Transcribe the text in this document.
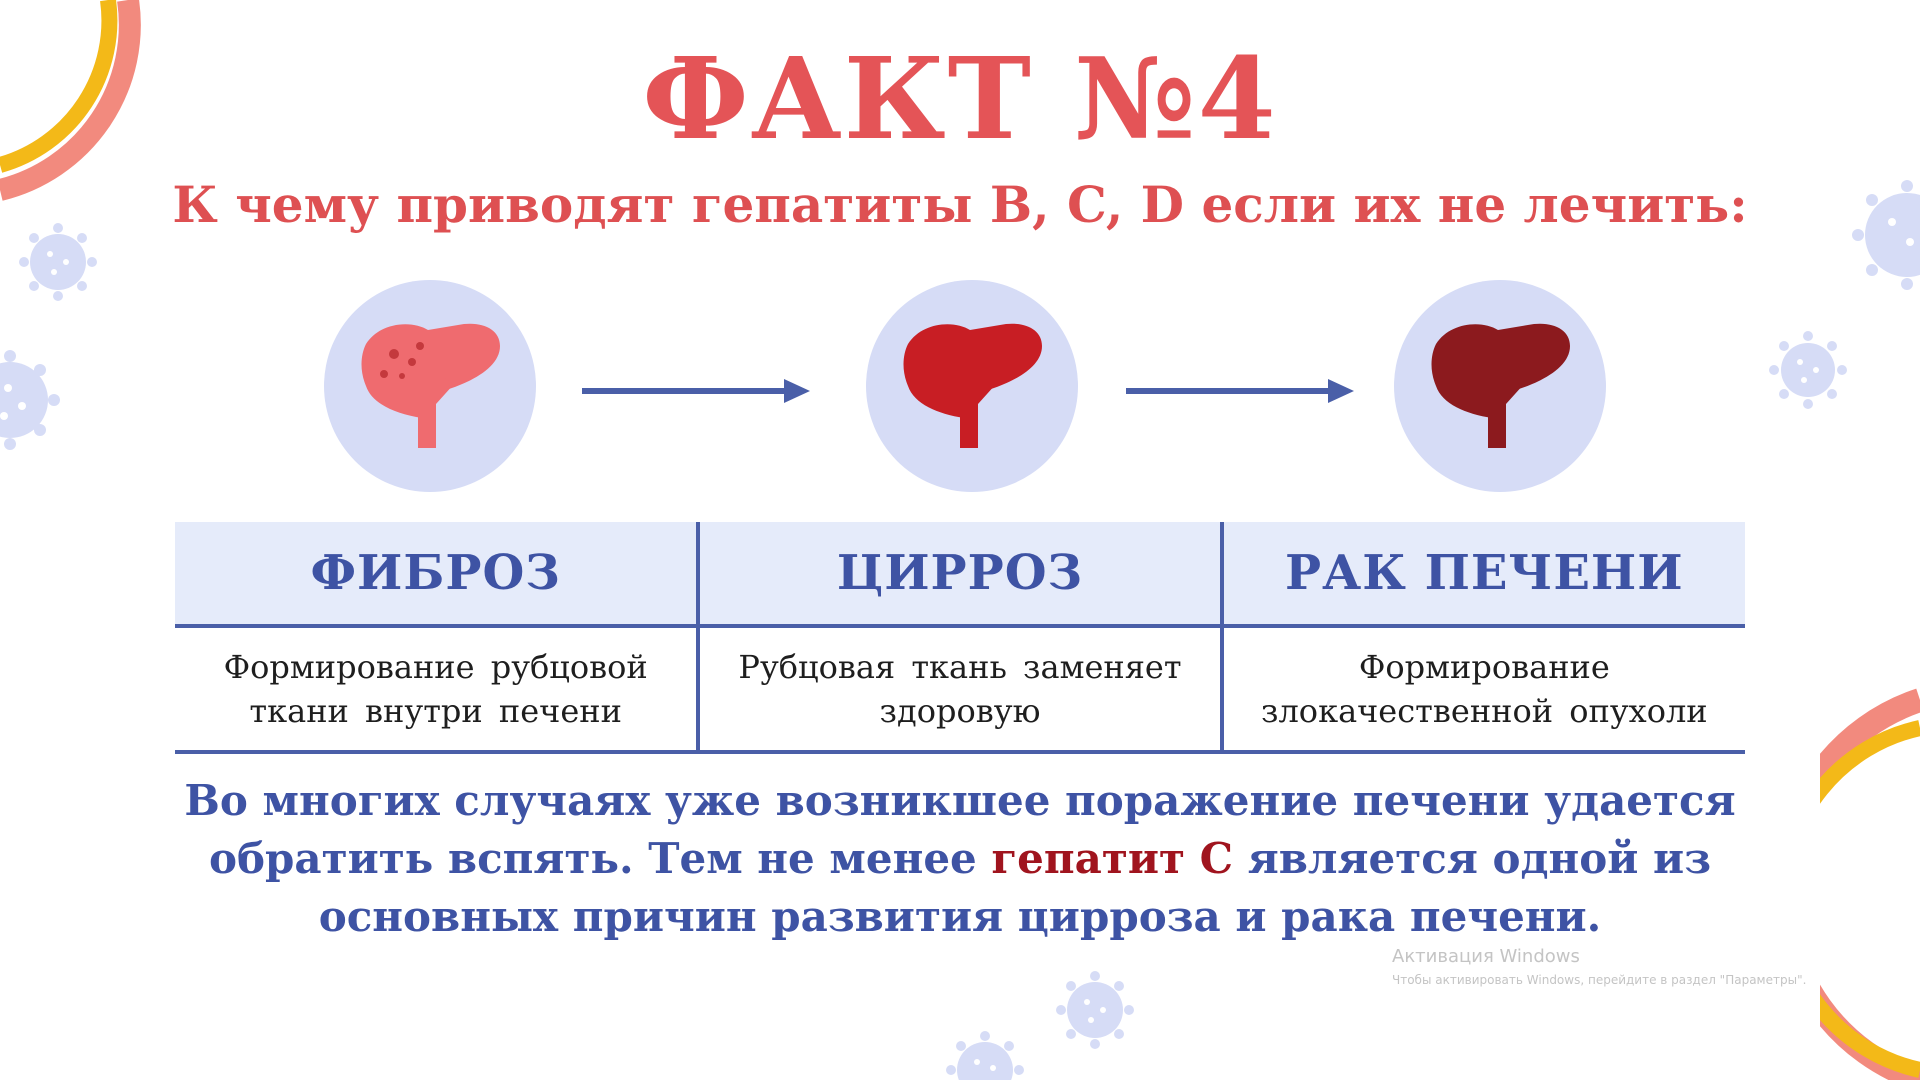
ФАКТ №4
К чему приводят гепатиты B, C, D если их не лечить:
ФИБРОЗ	ЦИРРОЗ	РАК ПЕЧЕНИ
Формирование рубцовой ткани внутри печени	Рубцовая ткань заменяет здоровую	Формирование злокачественной опухоли
Во многих случаях уже возникшее поражение печени удается обратить вспять. Тем не менее гепатит С является одной из основных причин развития цирроза и рака печени.
Активация Windows
Чтобы активировать Windows, перейдите в раздел "Параметры".
